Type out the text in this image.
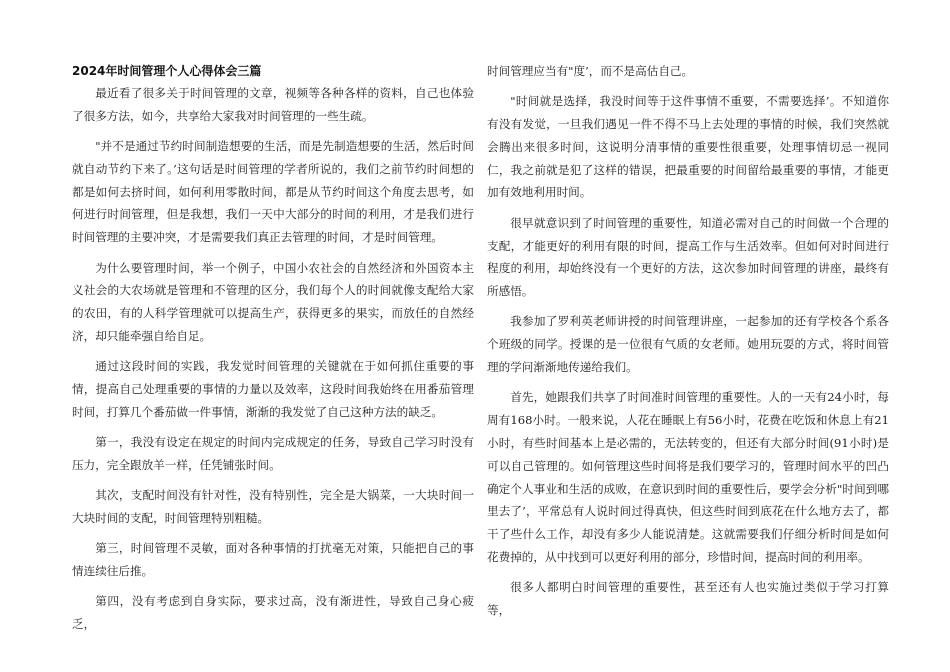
2024年时间管理个人心得体会三篇

最近看了很多关于时间管理的文章，视频等各种各样的资料，自己也体验了很多方法，如今，共享给大家我对时间管理的一些生疏。

"并不是通过节约时间制造想要的生活，而是先制造想要的生活，然后时间就自动节约下来了。’这句话是时间管理的学者所说的，我们之前节约时间想的都是如何去挤时间，如何利用零散时间，都是从节约时间这个角度去思考，如何进行时间管理，但是我想，我们一天中大部分的时间的利用，才是我们进行时间管理的主要冲突，才是需要我们真正去管理的时间，才是时间管理。

为什么要管理时间，举一个例子，中国小农社会的自然经济和外国资本主义社会的大农场就是管理和不管理的区分，我们每个人的时间就像支配给大家的农田，有的人科学管理就可以提高生产，获得更多的果实，而放任的自然经济，却只能牵强自给自足。

通过这段时间的实践，我发觉时间管理的关键就在于如何抓住重要的事情，提高自己处理重要的事情的力量以及效率，这段时间我始终在用番茄管理时间，打算几个番茄做一件事情，渐渐的我发觉了自己这种方法的缺乏。

第一，我没有设定在规定的时间内完成规定的任务，导致自己学习时没有压力，完全跟放羊一样，任凭铺张时间。

其次，支配时间没有针对性，没有特别性，完全是大锅菜，一大块时间一大块时间的支配，时间管理特别粗糙。

第三，时间管理不灵敏，面对各种事情的打扰毫无对策，只能把自己的事情连续往后推。

第四，没有考虑到自身实际，要求过高，没有渐进性，导致自己身心疲乏，

时间管理应当有"度’，而不是高估自己。

"时间就是选择，我没时间等于这件事情不重要，不需要选择’。不知道你有没有发觉，一旦我们遇见一件不得不马上去处理的事情的时候，我们突然就会腾出来很多时间，这说明分清事情的重要性很重要，处理事情切忌一视同仁，我之前就是犯了这样的错误，把最重要的时间留给最重要的事情，才能更加有效地利用时间。

很早就意识到了时间管理的重要性，知道必需对自己的时间做一个合理的支配，才能更好的利用有限的时间，提高工作与生活效率。但如何对时间进行程度的利用，却始终没有一个更好的方法，这次参加时间管理的讲座，最终有所感悟。

我参加了罗利英老师讲授的时间管理讲座，一起参加的还有学校各个系各个班级的同学。授课的是一位很有气质的女老师。她用玩耍的方式，将时间管理的学问渐渐地传递给我们。

首先，她跟我们共享了时间准时间管理的重要性。人的一天有24小时，每周有168小时。一般来说，人花在睡眠上有56小时，花费在吃饭和休息上有21小时，有些时间基本上是必需的，无法转变的，但还有大部分时间(91小时)是可以自己管理的。如何管理这些时间将是我们要学习的，管理时间水平的凹凸确定个人事业和生活的成败，在意识到时间的重要性后，要学会分析"时间到哪里去了’，平常总有人说时间过得真快，但这些时间到底花在什么地方去了，都干了些什么工作，却没有多少人能说清楚。这就需要我们仔细分析时间是如何花费掉的，从中找到可以更好利用的部分，珍惜时间，提高时间的利用率。

很多人都明白时间管理的重要性，甚至还有人也实施过类似于学习打算等，
